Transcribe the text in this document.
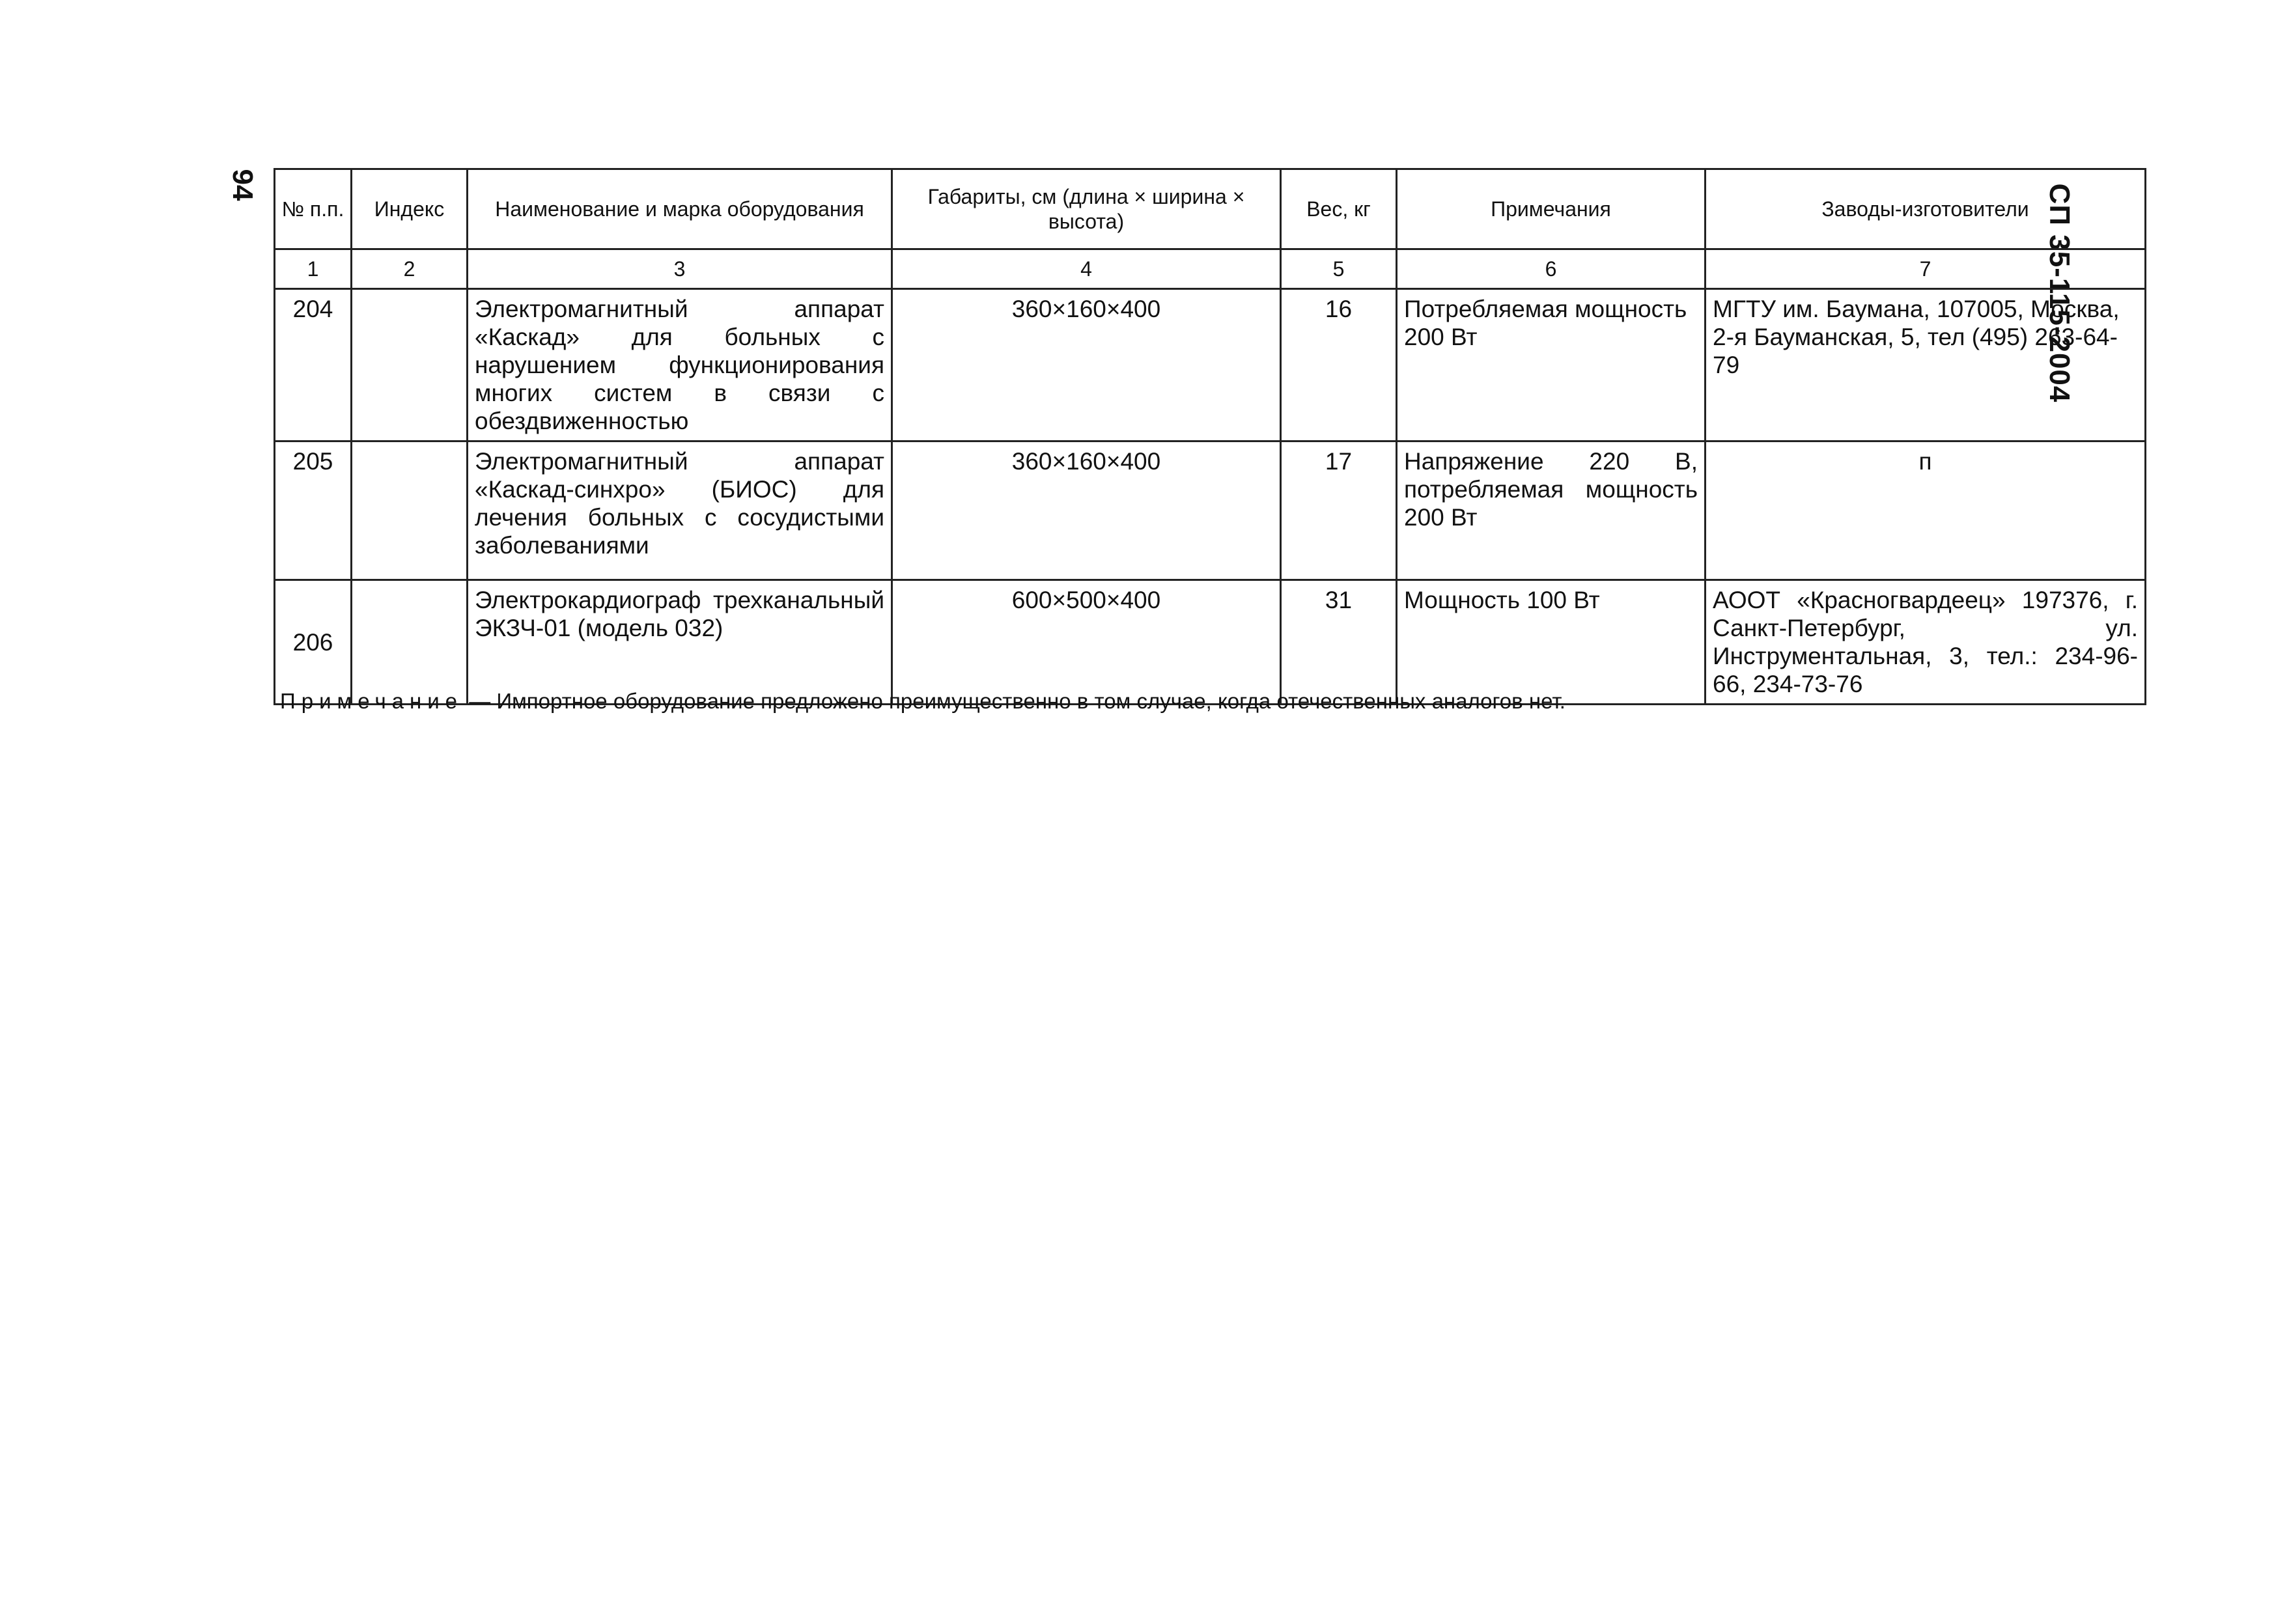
94	СП 35-115-2004
№ п.п.	Индекс	Наименование и марка оборудования	Габариты, см (длина × ширина × высота)	Вес, кг	Примечания	Заводы-изготовители
1	2	3	4	5	6	7
204		Электромагнитный аппарат «Каскад» для больных с нарушением функционирования многих систем в связи с обездвиженностью	360×160×400	16	Потребляемая мощность 200 Вт	МГТУ им. Баумана, 107005, Москва, 2-я Бауманская, 5, тел (495) 263-64-79
205		Электромагнитный аппарат «Каскад-синхро» (БИОС) для лечения больных с сосудистыми заболеваниями	360×160×400	17	Напряжение 220 В, потребляемая мощность 200 Вт	п
206		Электрокардиограф трехканальный ЭКЗЧ-01 (модель 032)	600×500×400	31	Мощность 100 Вт	АООТ «Красногвардеец» 197376, г. Санкт-Петербург, ул. Инструментальная, 3, тел.: 234-96-66, 234-73-76
Примечание — Импортное оборудование предложено преимущественно в том случае, когда отечественных аналогов нет.
